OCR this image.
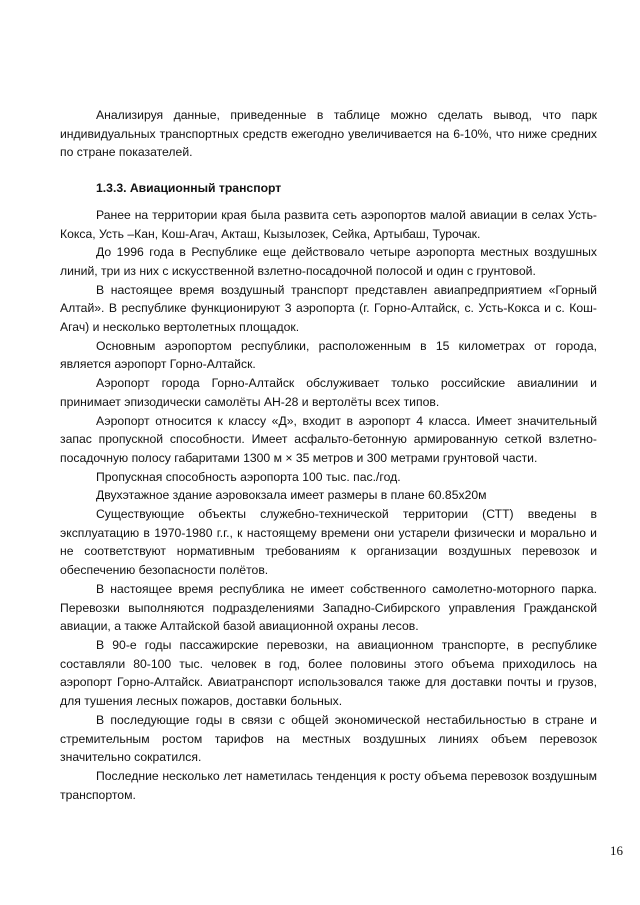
Анализируя данные, приведенные в таблице можно сделать вывод, что парк индивидуальных транспортных средств ежегодно увеличивается на 6-10%, что ниже средних по стране показателей.

1.3.3. Авиационный транспорт

Ранее на территории края была развита сеть аэропортов малой авиации в селах Усть-Кокса, Усть –Кан, Кош-Агач, Акташ, Кызылозек, Сейка, Артыбаш, Турочак.

До 1996 года в Республике еще действовало четыре аэропорта местных воздушных линий, три из них с искусственной взлетно-посадочной полосой и один с грунтовой.

В настоящее время воздушный транспорт представлен авиапредприятием «Горный Алтай». В республике функционируют 3 аэропорта (г. Горно-Алтайск, с. Усть-Кокса и с. Кош-Агач) и несколько вертолетных площадок.

Основным аэропортом республики, расположенным в 15 километрах от города, является аэропорт Горно-Алтайск.

Аэропорт города Горно-Алтайск обслуживает только российские авиалинии и принимает эпизодически самолёты АН-28 и вертолёты всех типов.

Аэропорт относится к классу «Д», входит в аэропорт 4 класса. Имеет значительный запас пропускной способности. Имеет асфальто-бетонную армированную сеткой взлетно-посадочную полосу габаритами 1300 м × 35 метров и 300 метрами грунтовой части.

Пропускная способность аэропорта 100 тыс. пас./год.

Двухэтажное здание аэровокзала имеет размеры в плане 60.85х20м

Существующие объекты служебно-технической территории (СТТ) введены в эксплуатацию в 1970-1980 г.г., к настоящему времени они устарели физически и морально и не соответствуют нормативным требованиям к организации воздушных перевозок и обеспечению безопасности полётов.

В настоящее время республика не имеет собственного самолетно-моторного парка. Перевозки выполняются подразделениями Западно-Сибирского управления Гражданской авиации, а также Алтайской базой авиационной охраны лесов.

В 90-е годы пассажирские перевозки, на авиационном транспорте, в республике составляли 80-100 тыс. человек в год, более половины этого объема приходилось на аэропорт Горно-Алтайск. Авиатранспорт использовался также для доставки почты и грузов, для тушения лесных пожаров, доставки больных.

В последующие годы в связи с общей экономической нестабильностью в стране и стремительным ростом тарифов на местных воздушных линиях объем перевозок значительно сократился.

Последние несколько лет наметилась тенденция к росту объема перевозок воздушным транспортом.

16
